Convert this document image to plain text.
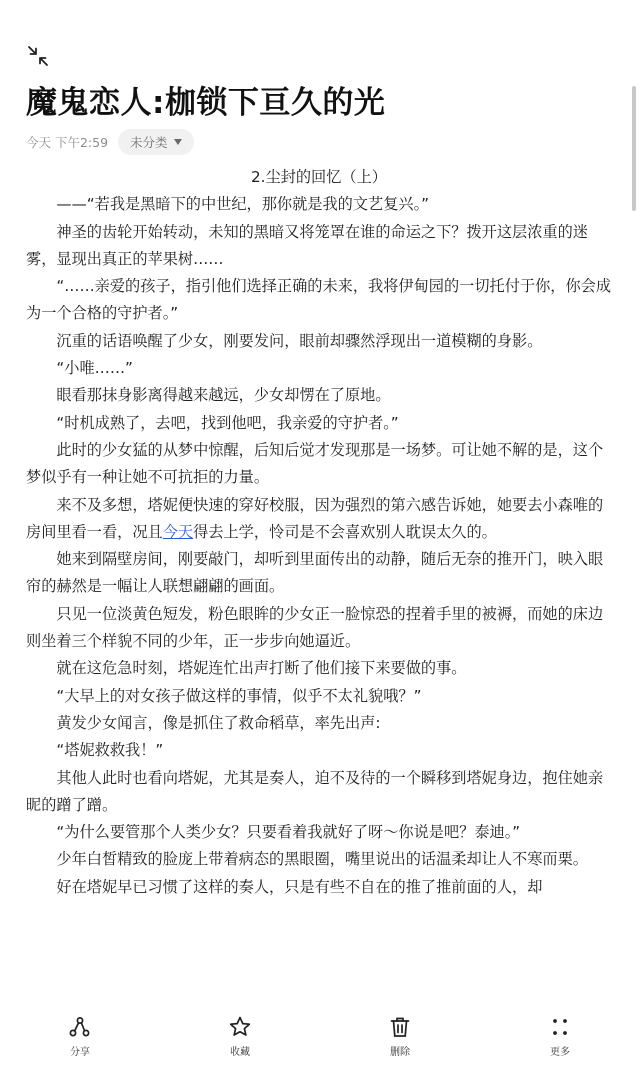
魔鬼恋人:枷锁下亘久的光
今天 下午2:59 未分类
2.尘封的回忆（上）

——“若我是黑暗下的中世纪，那你就是我的文艺复兴。”

神圣的齿轮开始转动，未知的黑暗又将笼罩在谁的命运之下？拨开这层浓重的迷雾，显现出真正的苹果树……

“……亲爱的孩子，指引他们选择正确的未来，我将伊甸园的一切托付于你，你会成为一个合格的守护者。”

沉重的话语唤醒了少女，刚要发问，眼前却骤然浮现出一道模糊的身影。

“小唯……”

眼看那抹身影离得越来越远，少女却愣在了原地。

“时机成熟了，去吧，找到他吧，我亲爱的守护者。”

此时的少女猛的从梦中惊醒，后知后觉才发现那是一场梦。可让她不解的是，这个梦似乎有一种让她不可抗拒的力量。

来不及多想，塔妮便快速的穿好校服，因为强烈的第六感告诉她，她要去小森唯的房间里看一看，况且今天得去上学，怜司是不会喜欢别人耽误太久的。

她来到隔壁房间，刚要敲门，却听到里面传出的动静，随后无奈的推开门，映入眼帘的赫然是一幅让人联想翩翩的画面。

只见一位淡黄色短发，粉色眼眸的少女正一脸惊恐的捏着手里的被褥，而她的床边则坐着三个样貌不同的少年，正一步步向她逼近。

就在这危急时刻，塔妮连忙出声打断了他们接下来要做的事。

“大早上的对女孩子做这样的事情，似乎不太礼貌哦？”

黄发少女闻言，像是抓住了救命稻草，率先出声:

“塔妮救救我！”

其他人此时也看向塔妮，尤其是奏人，迫不及待的一个瞬移到塔妮身边，抱住她亲昵的蹭了蹭。

“为什么要管那个人类少女？只要看着我就好了呀～你说是吧？泰迪。”

少年白皙精致的脸庞上带着病态的黑眼圈，嘴里说出的话温柔却让人不寒而栗。

好在塔妮早已习惯了这样的奏人，只是有些不自在的推了推前面的人，却

分享	收藏	删除	更多
